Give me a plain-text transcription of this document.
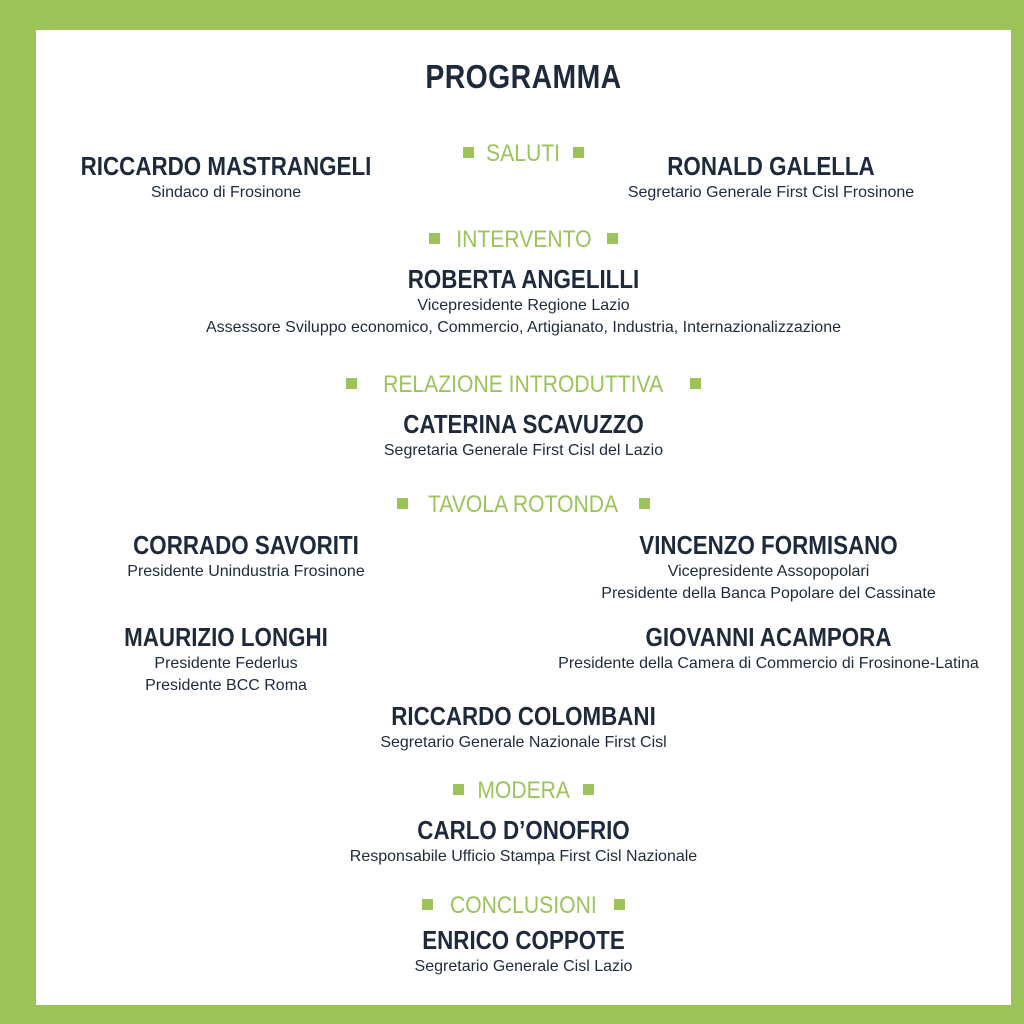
PROGRAMMA
SALUTI
RICCARDO MASTRANGELI
Sindaco di Frosinone
RONALD GALELLA
Segretario Generale First Cisl Frosinone
INTERVENTO
ROBERTA ANGELILLI
Vicepresidente Regione Lazio
Assessore Sviluppo economico, Commercio, Artigianato, Industria, Internazionalizzazione
RELAZIONE INTRODUTTIVA
CATERINA SCAVUZZO
Segretaria Generale First Cisl del Lazio
TAVOLA ROTONDA
CORRADO SAVORITI
Presidente Unindustria Frosinone
VINCENZO FORMISANO
Vicepresidente Assopopolari
Presidente della Banca Popolare del Cassinate
MAURIZIO LONGHI
Presidente Federlus
Presidente BCC Roma
GIOVANNI ACAMPORA
Presidente della Camera di Commercio di Frosinone-Latina
RICCARDO COLOMBANI
Segretario Generale Nazionale First Cisl
MODERA
CARLO D’ONOFRIO
Responsabile Ufficio Stampa First Cisl Nazionale
CONCLUSIONI
ENRICO COPPOTE
Segretario Generale Cisl Lazio
